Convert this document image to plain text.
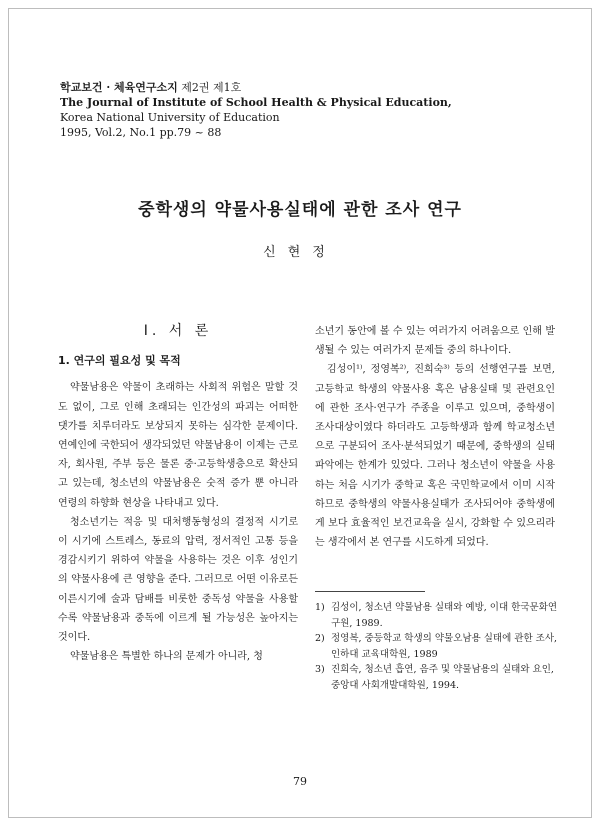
학교보건 · 체육연구소지 제2권 제1호
The Journal of Institute of School Health & Physical Education,
Korea National University of Education
1995, Vol.2, No.1 pp.79 ~ 88
중학생의 약물사용실태에 관한 조사 연구
신현정
Ⅰ. 서 론
1. 연구의 필요성 및 목적

약물남용은 약물이 초래하는 사회적 위험은 말할 것도 없이, 그로 인해 초래되는 인간성의 파괴는 어떠한 댓가를 치루더라도 보상되지 못하는 심각한 문제이다. 연예인에 국한되어 생각되었던 약물남용이 이제는 근로자, 회사원, 주부 등은 물론 중·고등학생층으로 확산되고 있는데, 청소년의 약물남용은 숫적 증가 뿐 아니라 연령의 하향화 현상을 나타내고 있다.

청소년기는 적응 및 대처행동형성의 결정적 시기로 이 시기에 스트레스, 동료의 압력, 정서적인 고통 등을 경감시키기 위하여 약물을 사용하는 것은 이후 성인기의 약물사용에 큰 영향을 준다. 그러므로 어떤 이유로든 이른시기에 술과 담배를 비롯한 중독성 약물을 사용할수록 약물남용과 중독에 이르게 될 가능성은 높아지는 것이다.

약물남용은 특별한 하나의 문제가 아니라, 청

소년기 동안에 볼 수 있는 여러가지 어려움으로 인해 발생될 수 있는 여러가지 문제들 중의 하나이다.

김성이¹⁾, 정영복²⁾, 진희숙³⁾ 등의 선행연구를 보면, 고등학교 학생의 약물사용 혹은 남용실태 및 관련요인에 관한 조사·연구가 주종을 이루고 있으며, 중학생이 조사대상이였다 하더라도 고등학생과 함께 학교청소년으로 구분되어 조사·분석되었기 때문에, 중학생의 실태 파악에는 한계가 있었다. 그러나 청소년이 약물을 사용하는 처음 시기가 중학교 혹은 국민학교에서 이미 시작하므로 중학생의 약물사용실태가 조사되어야 중학생에게 보다 효율적인 보건교육을 실시, 강화할 수 있으리라는 생각에서 본 연구를 시도하게 되었다.

1) 김성이, 청소년 약물남용 실태와 예방, 이대 한국문화연구원, 1989.
2) 정영복, 중등학교 학생의 약물오남용 실태에 관한 조사, 인하대 교육대학원, 1989
3) 진희숙, 청소년 흡연, 음주 및 약물남용의 실태와 요인, 중앙대 사회개발대학원, 1994.
79
